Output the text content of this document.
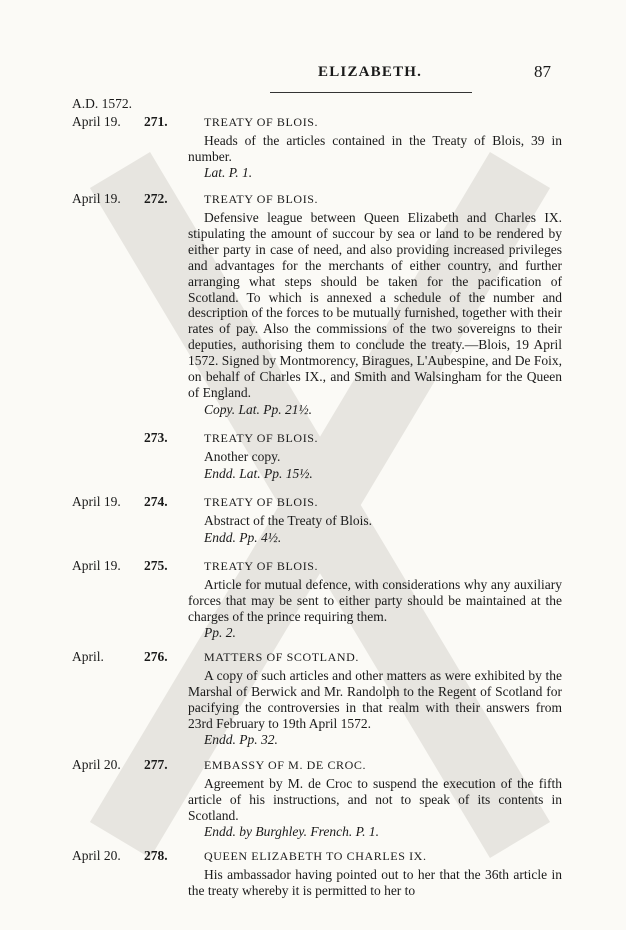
ELIZABETH.	87
A.D. 1572.
April 19. 271.	TREATY OF BLOIS.
Heads of the articles contained in the Treaty of Blois, 39 in number.
Lat. P. 1.
April 19. 272.	TREATY OF BLOIS.
Defensive league between Queen Elizabeth and Charles IX. stipulating the amount of succour by sea or land to be rendered by either party in case of need, and also providing increased privileges and advantages for the merchants of either country, and further arranging what steps should be taken for the pacification of Scotland. To which is annexed a schedule of the number and description of the forces to be mutually furnished, together with their rates of pay. Also the commissions of the two sovereigns to their deputies, authorising them to conclude the treaty.—Blois, 19 April 1572. Signed by Montmorency, Biragues, L'Aubespine, and De Foix, on behalf of Charles IX., and Smith and Walsingham for the Queen of England.
Copy. Lat. Pp. 21½.
273.	TREATY OF BLOIS.
Another copy.
Endd. Lat. Pp. 15½.
April 19. 274.	TREATY OF BLOIS.
Abstract of the Treaty of Blois.
Endd. Pp. 4½.
April 19. 275.	TREATY OF BLOIS.
Article for mutual defence, with considerations why any auxiliary forces that may be sent to either party should be maintained at the charges of the prince requiring them.
Pp. 2.
April.	276.	MATTERS OF SCOTLAND.
A copy of such articles and other matters as were exhibited by the Marshal of Berwick and Mr. Randolph to the Regent of Scotland for pacifying the controversies in that realm with their answers from 23rd February to 19th April 1572.
Endd. Pp. 32.
April 20. 277.	EMBASSY OF M. DE CROC.
Agreement by M. de Croc to suspend the execution of the fifth article of his instructions, and not to speak of its contents in Scotland.
Endd. by Burghley. French. P. 1.
April 20. 278.	QUEEN ELIZABETH TO CHARLES IX.
His ambassador having pointed out to her that the 36th article in the treaty whereby it is permitted to her to
